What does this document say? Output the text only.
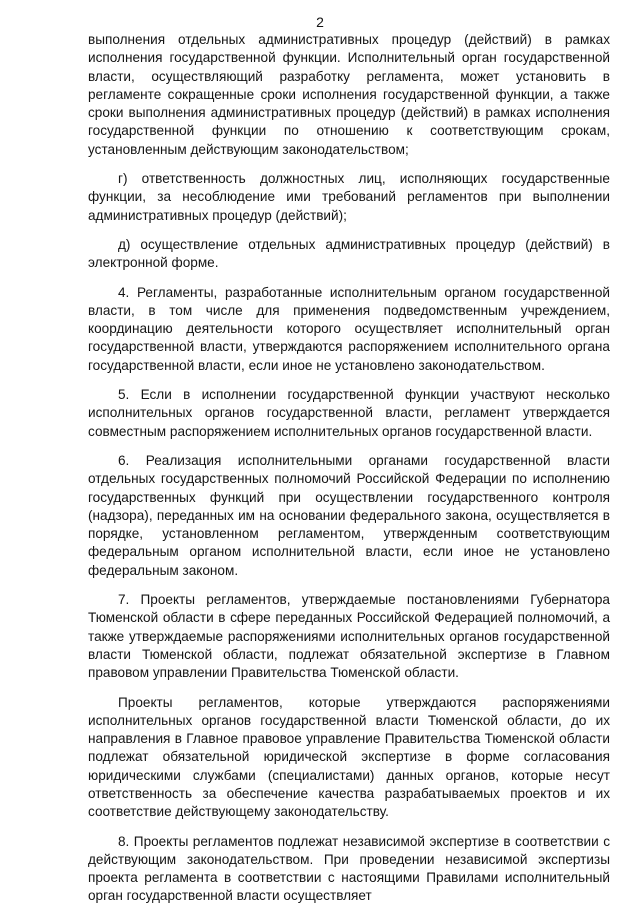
2

выполнения отдельных административных процедур (действий) в рамках исполнения государственной функции. Исполнительный орган государственной власти, осуществляющий разработку регламента, может установить в регламенте сокращенные сроки исполнения государственной функции, а также сроки выполнения административных процедур (действий) в рамках исполнения государственной функции по отношению к соответствующим срокам, установленным действующим законодательством;

г) ответственность должностных лиц, исполняющих государственные функции, за несоблюдение ими требований регламентов при выполнении административных процедур (действий);

д) осуществление отдельных административных процедур (действий) в электронной форме.

4. Регламенты, разработанные исполнительным органом государственной власти, в том числе для применения подведомственным учреждением, координацию деятельности которого осуществляет исполнительный орган государственной власти, утверждаются распоряжением исполнительного органа государственной власти, если иное не установлено законодательством.

5. Если в исполнении государственной функции участвуют несколько исполнительных органов государственной власти, регламент утверждается совместным распоряжением исполнительных органов государственной власти.

6. Реализация исполнительными органами государственной власти отдельных государственных полномочий Российской Федерации по исполнению государственных функций при осуществлении государственного контроля (надзора), переданных им на основании федерального закона, осуществляется в порядке, установленном регламентом, утвержденным соответствующим федеральным органом исполнительной власти, если иное не установлено федеральным законом.

7. Проекты регламентов, утверждаемые постановлениями Губернатора Тюменской области в сфере переданных Российской Федерацией полномочий, а также утверждаемые распоряжениями исполнительных органов государственной власти Тюменской области, подлежат обязательной экспертизе в Главном правовом управлении Правительства Тюменской области.

Проекты регламентов, которые утверждаются распоряжениями исполнительных органов государственной власти Тюменской области, до их направления в Главное правовое управление Правительства Тюменской области подлежат обязательной юридической экспертизе в форме согласования юридическими службами (специалистами) данных органов, которые несут ответственность за обеспечение качества разрабатываемых проектов и их соответствие действующему законодательству.

8. Проекты регламентов подлежат независимой экспертизе в соответствии с действующим законодательством. При проведении независимой экспертизы проекта регламента в соответствии с настоящими Правилами исполнительный орган государственной власти осуществляет
